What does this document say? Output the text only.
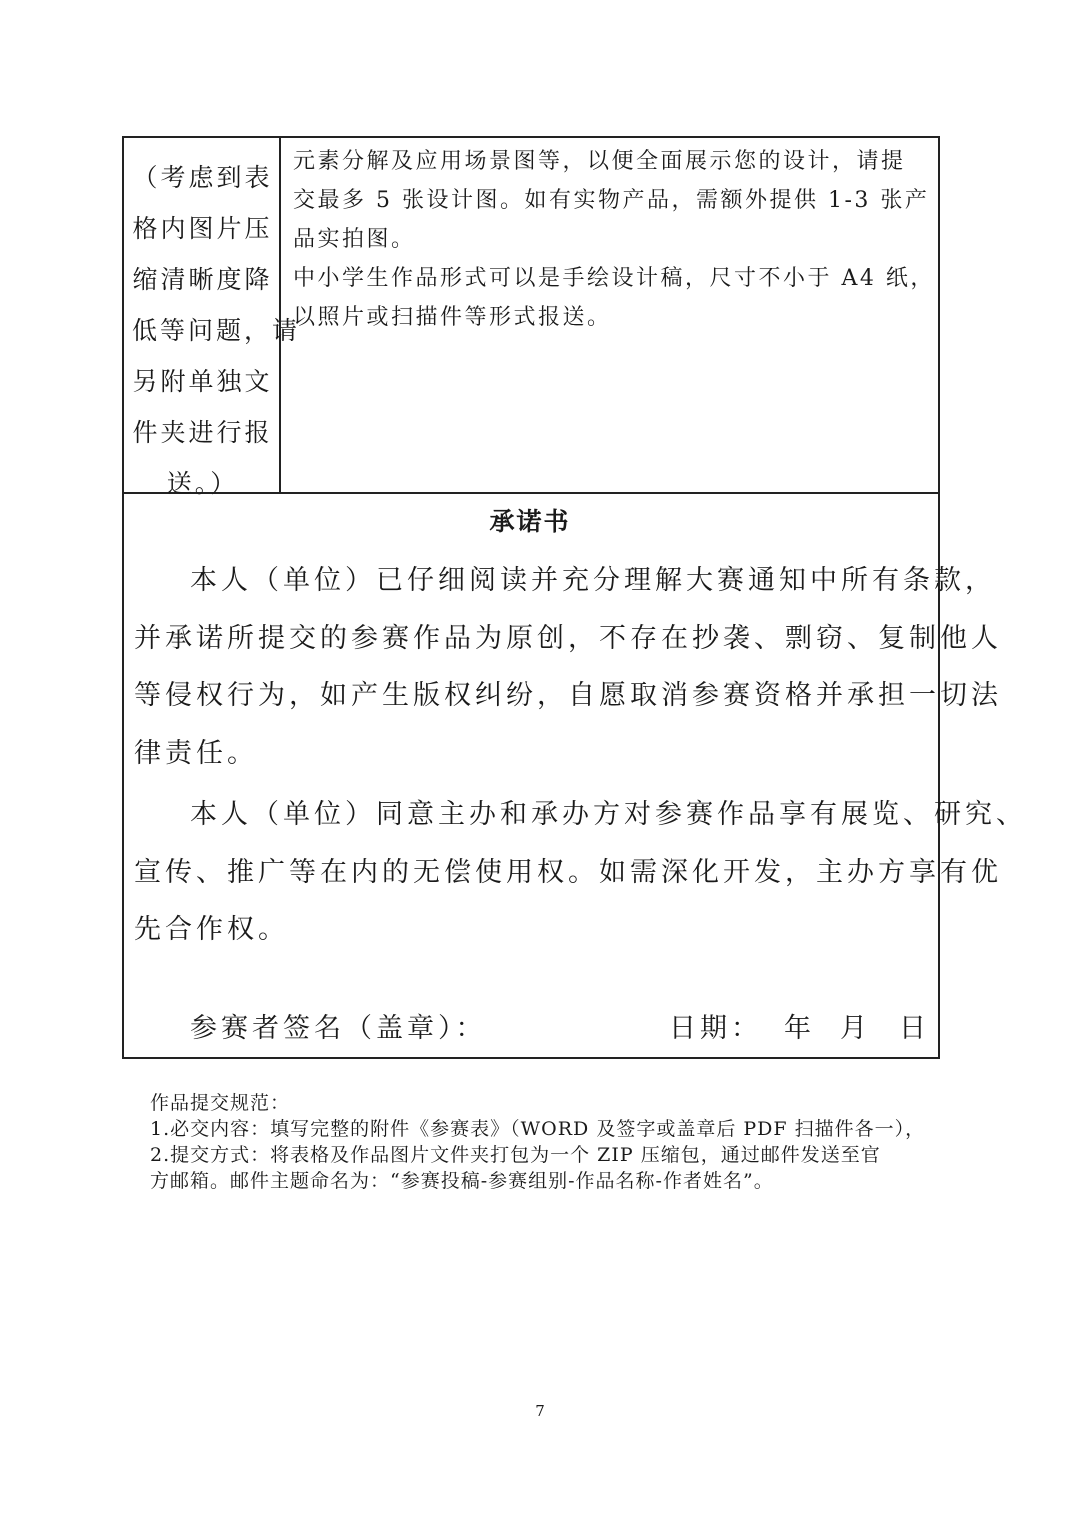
（考虑到表
格内图片压
缩清晰度降
低等问题，请
另附单独文
件夹进行报
送。）
元素分解及应用场景图等，以便全面展示您的设计，请提
交最多 5 张设计图。如有实物产品，需额外提供 1-3 张产
品实拍图。
中小学生作品形式可以是手绘设计稿，尺寸不小于 A4 纸，
以照片或扫描件等形式报送。
承诺书
本人（单位）已仔细阅读并充分理解大赛通知中所有条款，
并承诺所提交的参赛作品为原创，不存在抄袭、剽窃、复制他人
等侵权行为，如产生版权纠纷，自愿取消参赛资格并承担一切法
律责任。
本人（单位）同意主办和承办方对参赛作品享有展览、研究、
宣传、推广等在内的无偿使用权。如需深化开发，主办方享有优
先合作权。
参赛者签名（盖章）：	日期： 年 月 日
作品提交规范：
1.必交内容：填写完整的附件《参赛表》（WORD 及签字或盖章后 PDF 扫描件各一），
2.提交方式：将表格及作品图片文件夹打包为一个 ZIP 压缩包，通过邮件发送至官
方邮箱。邮件主题命名为：“参赛投稿-参赛组别-作品名称-作者姓名”。
7
